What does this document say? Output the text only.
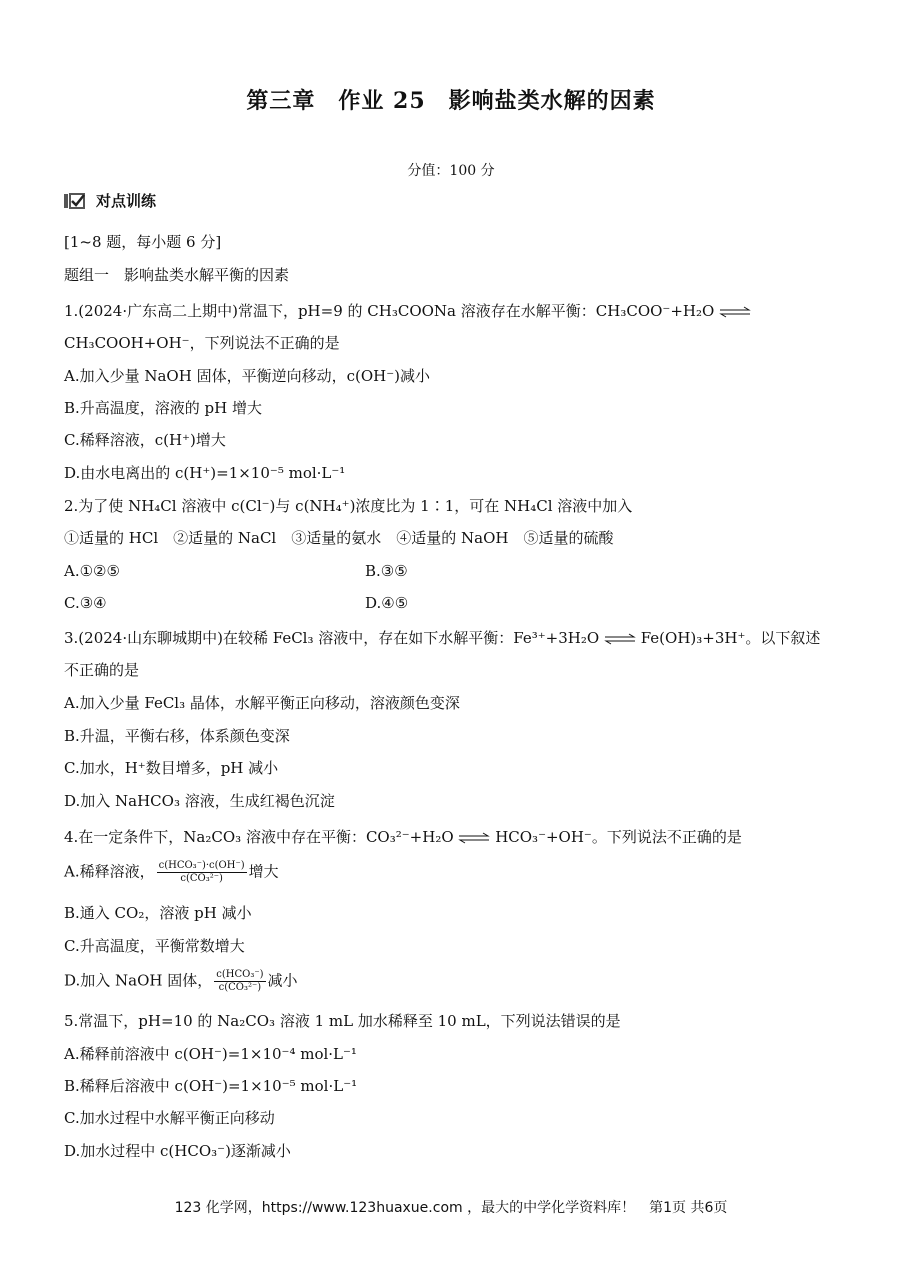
第三章　作业 25　影响盐类水解的因素
分值：100 分
对点训练
[1~8 题，每小题 6 分]
题组一　影响盐类水解平衡的因素
1.(2024·广东高二上期中)常温下，pH=9 的 CH₃COONa 溶液存在水解平衡：CH₃COO⁻+H₂O ⇌
CH₃COOH+OH⁻，下列说法不正确的是
A.加入少量 NaOH 固体，平衡逆向移动，c(OH⁻)减小
B.升高温度，溶液的 pH 增大
C.稀释溶液，c(H⁺)增大
D.由水电离出的 c(H⁺)=1×10⁻⁵ mol·L⁻¹
2.为了使 NH₄Cl 溶液中 c(Cl⁻)与 c(NH₄⁺)浓度比为 1∶1，可在 NH₄Cl 溶液中加入
①适量的 HCl　②适量的 NaCl　③适量的氨水　④适量的 NaOH　⑤适量的硫酸
A.①②⑤	B.③⑤
C.③④	D.④⑤
3.(2024·山东聊城期中)在较稀 FeCl₃ 溶液中，存在如下水解平衡：Fe³⁺+3H₂O ⇌ Fe(OH)₃+3H⁺。以下叙述
不正确的是
A.加入少量 FeCl₃ 晶体，水解平衡正向移动，溶液颜色变深
B.升温，平衡右移，体系颜色变深
C.加水，H⁺数目增多，pH 减小
D.加入 NaHCO₃ 溶液，生成红褐色沉淀
4.在一定条件下，Na₂CO₃ 溶液中存在平衡：CO₃²⁻+H₂O ⇌ HCO₃⁻+OH⁻。下列说法不正确的是
A.稀释溶液， $\frac{\text{c(HCO₃⁻)·c(OH⁻)}}{\text{c(CO₃²⁻)}}$ 增大
B.通入 CO₂，溶液 pH 减小
C.升高温度，平衡常数增大
D.加入 NaOH 固体， $\frac{\text{c(HCO₃⁻)}}{\text{c(CO₃²⁻)}}$ 减小
5.常温下，pH=10 的 Na₂CO₃ 溶液 1 mL 加水稀释至 10 mL，下列说法错误的是
A.稀释前溶液中 c(OH⁻)=1×10⁻⁴ mol·L⁻¹
B.稀释后溶液中 c(OH⁻)=1×10⁻⁵ mol·L⁻¹
C.加水过程中水解平衡正向移动
D.加水过程中 c(HCO₃⁻)逐渐减小
123 化学网，https://www.123huaxue.com ，最大的中学化学资料库！　第1页 共6页
